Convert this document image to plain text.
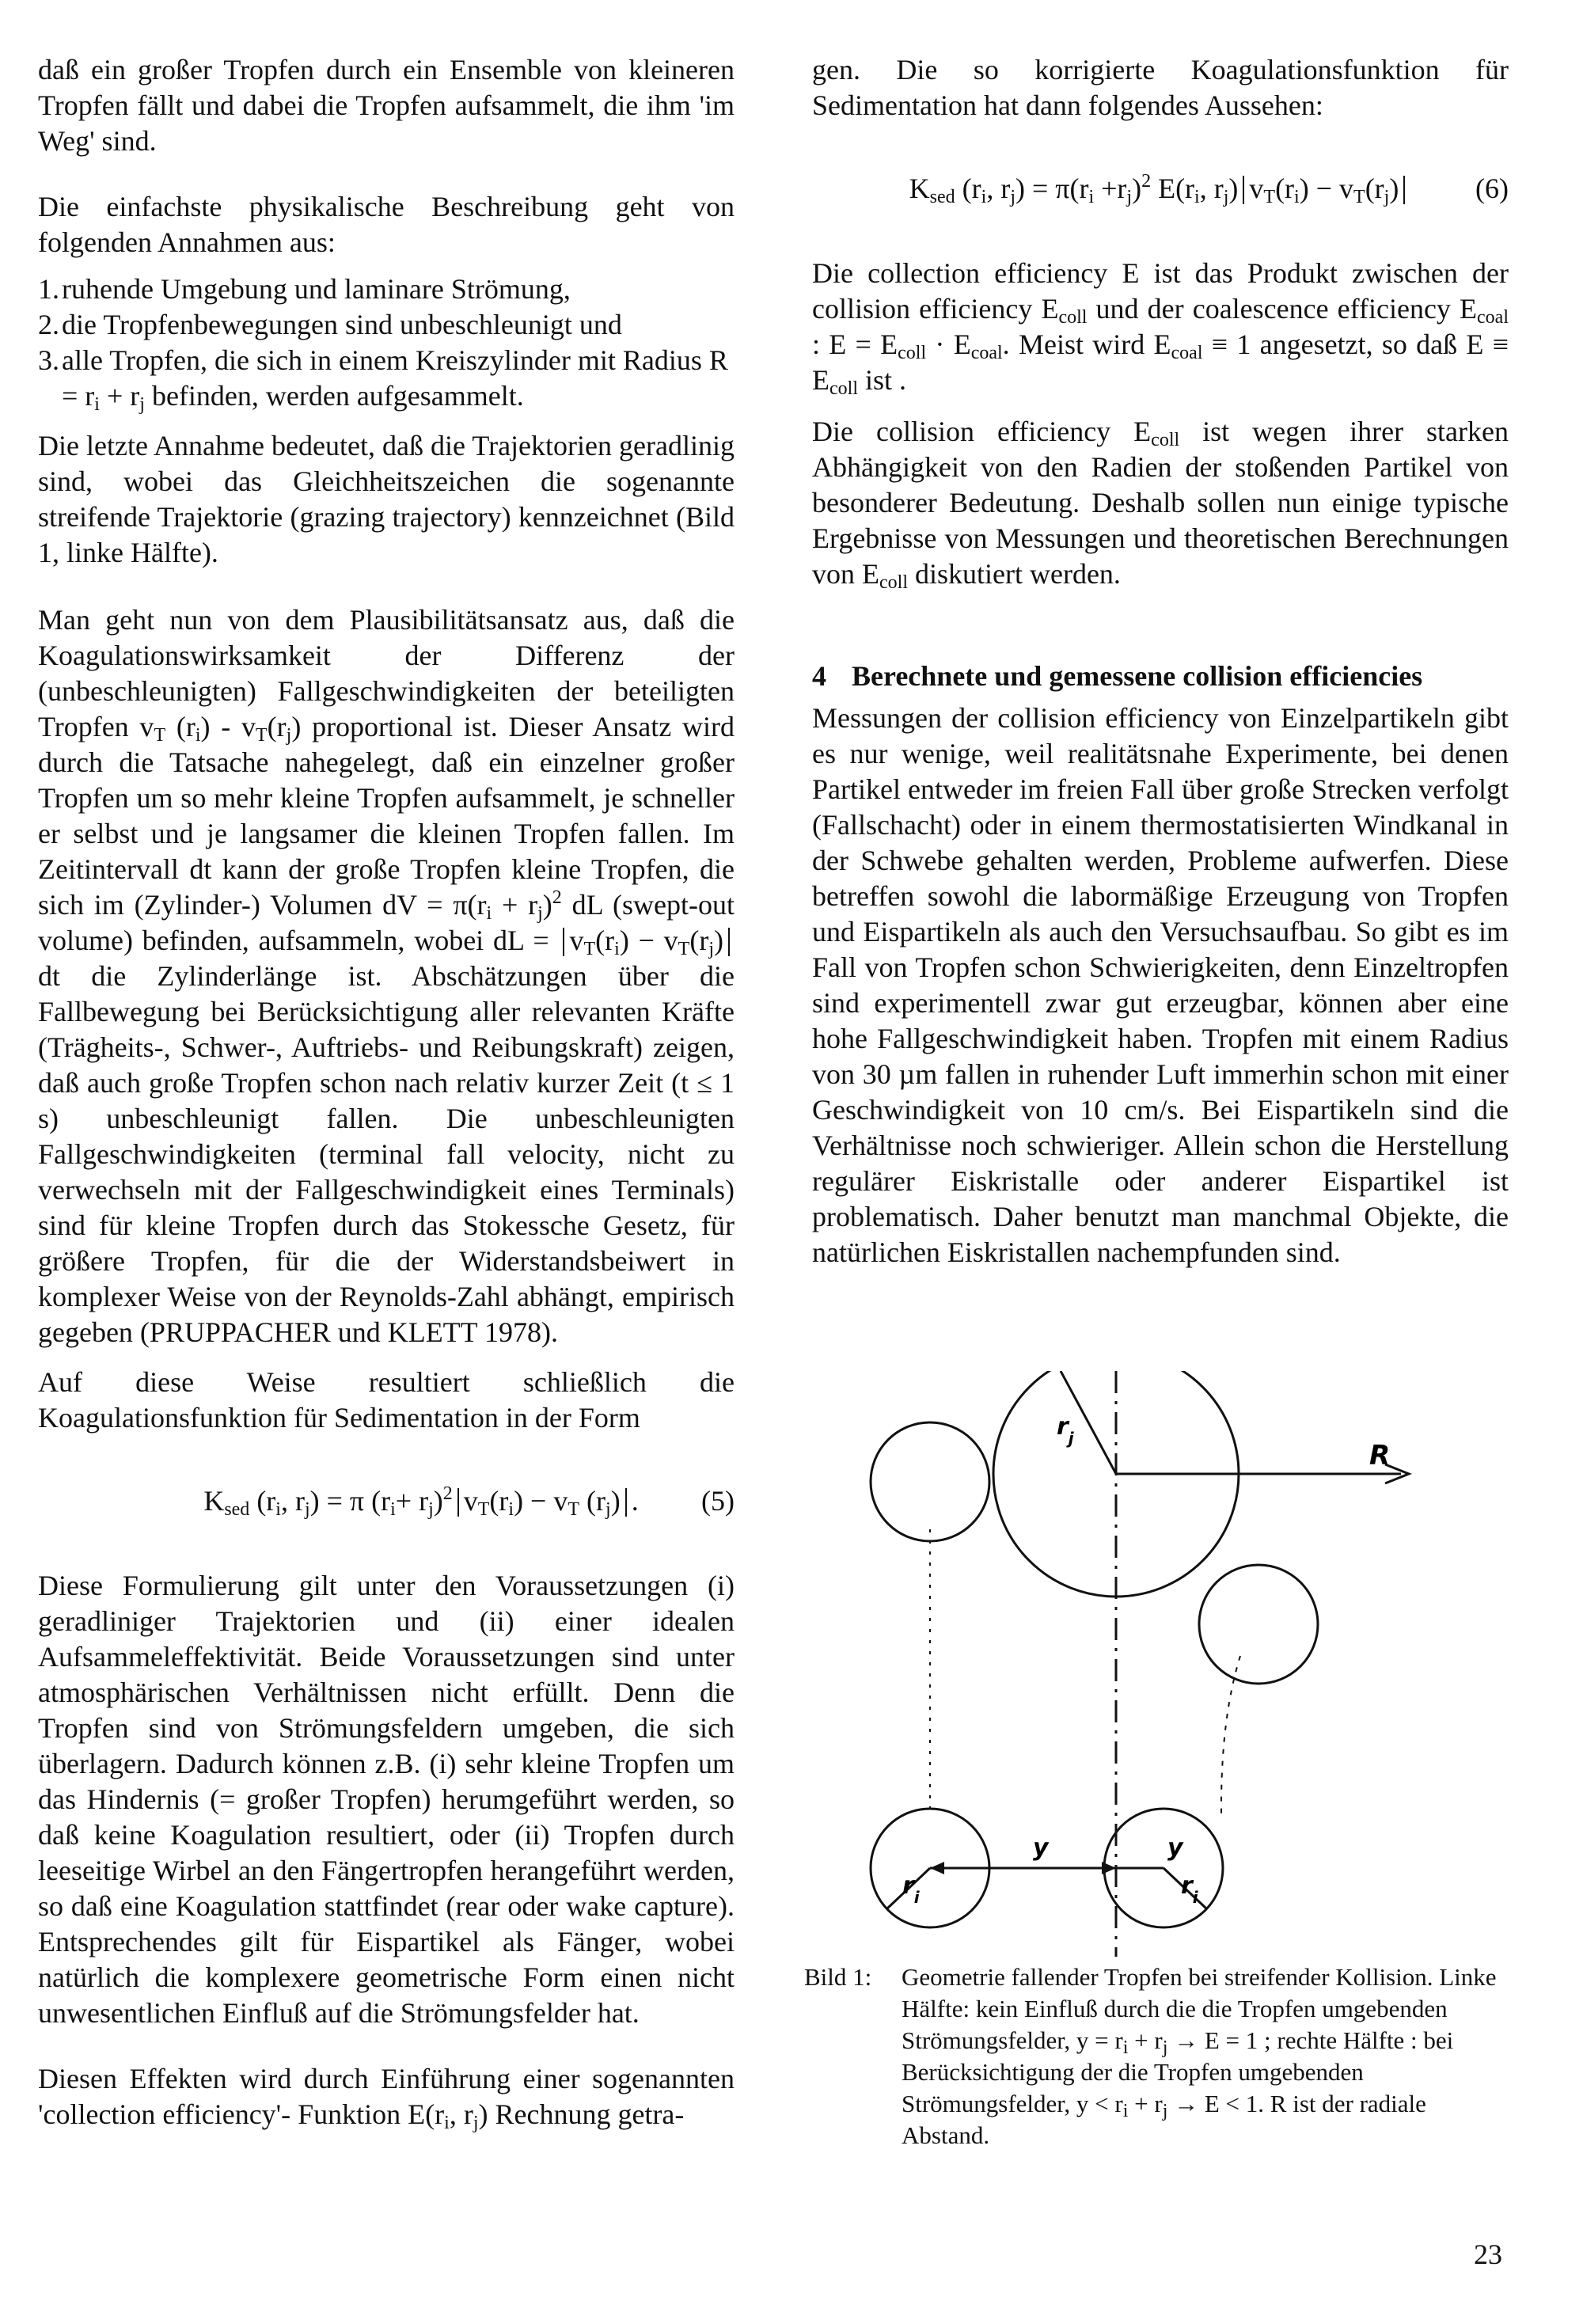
daß ein großer Tropfen durch ein Ensemble von kleineren Tropfen fällt und dabei die Tropfen aufsammelt, die ihm 'im Weg' sind.

Die einfachste physikalische Beschreibung geht von folgenden Annahmen aus:

1. ruhende Umgebung und laminare Strömung,
2. die Tropfenbewegungen sind unbeschleunigt und
3. alle Tropfen, die sich in einem Kreiszylinder mit Radius $R = r_i + r_j$ befinden, werden aufgesammelt.

Die letzte Annahme bedeutet, daß die Trajektorien geradlinig sind, wobei das Gleichheitszeichen die sogenannte streifende Trajektorie (grazing trajectory) kennzeichnet (Bild 1, linke Hälfte).

Man geht nun von dem Plausibilitätsansatz aus, daß die Koagulationswirksamkeit der Differenz der (unbeschleunigten) Fallgeschwindigkeiten der beteiligten Tropfen $v_T$ $(r_i) - v_T(r_j)$ proportional ist. Dieser Ansatz wird durch die Tatsache nahegelegt, daß ein einzelner großer Tropfen um so mehr kleine Tropfen aufsammelt, je schneller er selbst und je langsamer die kleinen Tropfen fallen. Im Zeitintervall dt kann der große Tropfen kleine Tropfen, die sich im (Zylinder-) Volumen dV = $\pi(r_i + r_j)^2$ dL (swept-out volume) befinden, aufsammeln, wobei dL = $v_T(r_i) - v_T(r_j)$ dt die Zylinderlänge ist. Abschätzungen über die Fallbewegung bei Berücksichtigung aller relevanten Kräfte (Trägheits-, Schwer-, Auftriebs- und Reibungskraft) zeigen, daß auch große Tropfen schon nach relativ kurzer Zeit (t ≤ 1 s) unbeschleunigt fallen. Die unbeschleunigten Fallgeschwindigkeiten (terminal fall velocity, nicht zu verwechseln mit der Fallgeschwindigkeit eines Terminals) sind für kleine Tropfen durch das Stokessche Gesetz, für größere Tropfen, für die der Widerstandsbeiwert in komplexer Weise von der Reynolds-Zahl abhängt, empirisch gegeben (PRUPPACHER und KLETT 1978).

Auf diese Weise resultiert schließlich die Koagulationsfunktion für Sedimentation in der Form

$K_{sed}$ ($r_i$, $r_j) = \pi$ $(r_i+ r_j)^2$ $v_T(r_i) - v_T$ $(r_j)$ .	(5)

Diese Formulierung gilt unter den Voraussetzungen (i) geradliniger Trajektorien und (ii) einer idealen Aufsammeleffektivität. Beide Voraussetzungen sind unter atmosphärischen Verhältnissen nicht erfüllt. Denn die Tropfen sind von Strömungsfeldern umgeben, die sich überlagern. Dadurch können z.B. (i) sehr kleine Tropfen um das Hindernis (= großer Tropfen) herumgeführt werden, so daß keine Koagulation resultiert, oder (ii) Tropfen durch leeseitige Wirbel an den Fängertropfen herangeführt werden, so daß eine Koagulation stattfindet (rear oder wake capture). Entsprechendes gilt für Eispartikel als Fänger, wobei natürlich die komplexere geometrische Form einen nicht unwesentlichen Einfluß auf die Strömungsfelder hat.

Diesen Effekten wird durch Einführung einer sogenannten 'collection efficiency'- Funktion $E(r_i$, $r_j$) Rechnung getra-

gen. Die so korrigierte Koagulationsfunktion für Sedimentation hat dann folgendes Aussehen:

$K_{sed}$ ($r_i$, $r_j) = \pi(r_i +r_j)^2$ $E(r_i$, $r_j$) $v_T(r_i) - v_T(r_j)$	(6)

Die collection efficiency E ist das Produkt zwischen der collision efficiency $E_{coll}$ und der coalescence efficiency $E_{coal}$ : $E = E_{coll} \cdot E_{coal}$. Meist wird $E_{coal} \equiv 1$ angesetzt, so daß $E \equiv E_{coll}$ ist .

Die collision efficiency $E_{coll}$ ist wegen ihrer starken Abhängigkeit von den Radien der stoßenden Partikel von besonderer Bedeutung. Deshalb sollen nun einige typische Ergebnisse von Messungen und theoretischen Berechnungen von $E_{coll}$ diskutiert werden.

4 Berechnete und gemessene collision efficiencies

Messungen der collision efficiency von Einzelpartikeln gibt es nur wenige, weil realitätsnahe Experimente, bei denen Partikel entweder im freien Fall über große Strecken verfolgt (Fallschacht) oder in einem thermostatisierten Windkanal in der Schwebe gehalten werden, Probleme aufwerfen. Diese betreffen sowohl die labormäßige Erzeugung von Tropfen und Eispartikeln als auch den Versuchsaufbau. So gibt es im Fall von Tropfen schon Schwierigkeiten, denn Einzeltropfen sind experimentell zwar gut erzeugbar, können aber eine hohe Fallgeschwindigkeit haben. Tropfen mit einem Radius von 30 µm fallen in ruhender Luft immerhin schon mit einer Geschwindigkeit von 10 cm/s. Bei Eispartikeln sind die Verhältnisse noch schwieriger. Allein schon die Herstellung regulärer Eiskristalle oder anderer Eispartikel ist problematisch. Daher benutzt man manchmal Objekte, die natürlichen Eiskristallen nachempfunden sind.

$r_j$
R
y	y
$r_i$	$r_i$
Bild 1:	Geometrie fallender Tropfen bei streifender Kollision. Linke Hälfte: kein Einfluß durch die die Tropfen umgebenden Strömungsfelder, $y = r_i + r_j \to E = 1$ ; rechte Hälfte : bei Berücksichtigung der die Tropfen umgebenden Strömungsfelder, $y < r_i + r_j \to E < 1$. R ist der radiale Abstand.
23
